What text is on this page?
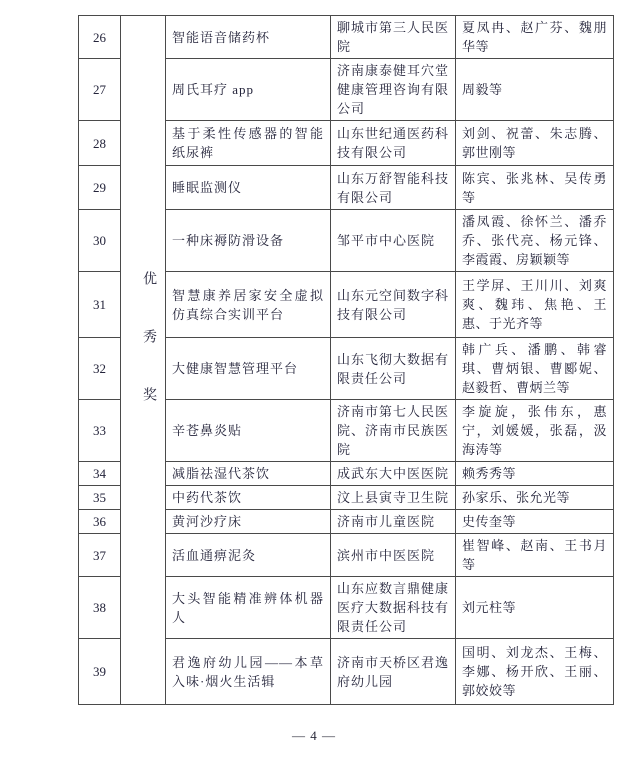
26	优秀奖	智能语音储药杯	聊城市第三人民医院	夏凤冉、赵广芬、魏朋华等
27		周氏耳疗 app	济南康泰健耳穴堂健康管理咨询有限公司	周毅等
28		基于柔性传感器的智能纸尿裤	山东世纪通医药科技有限公司	刘剑、祝蕾、朱志腾、郭世刚等
29		睡眠监测仪	山东万舒智能科技有限公司	陈宾、张兆林、吴传勇等
30		一种床褥防滑设备	邹平市中心医院	潘凤霞、徐怀兰、潘乔乔、张代亮、杨元锋、李霞霞、房颖颖等
31		智慧康养居家安全虚拟仿真综合实训平台	山东元空间数字科技有限公司	王学屏、王川川、刘爽爽、魏玮、焦艳、王惠、于光齐等
32		大健康智慧管理平台	山东飞彻大数据有限责任公司	韩广兵、潘鹏、韩睿琪、曹炳银、曹郾妮、赵毅哲、曹炳兰等
33		辛苍鼻炎贴	济南市第七人民医院、济南市民族医院	李旋旋，张伟东，惠宁，刘媛媛，张磊，汲海涛等
34		减脂祛湿代茶饮	成武东大中医医院	赖秀秀等
35		中药代茶饮	汶上县寅寺卫生院	孙家乐、张允光等
36		黄河沙疗床	济南市儿童医院	史传奎等
37		活血通痹泥灸	滨州市中医医院	崔智峰、赵南、王书月等
38		大头智能精准辨体机器人	山东应数言鼎健康医疗大数据科技有限责任公司	刘元柱等
39		君逸府幼儿园——本草入味·烟火生活辑	济南市天桥区君逸府幼儿园	国明、刘龙杰、王梅、李娜、杨开欣、王丽、郭姣姣等
— 4 —
